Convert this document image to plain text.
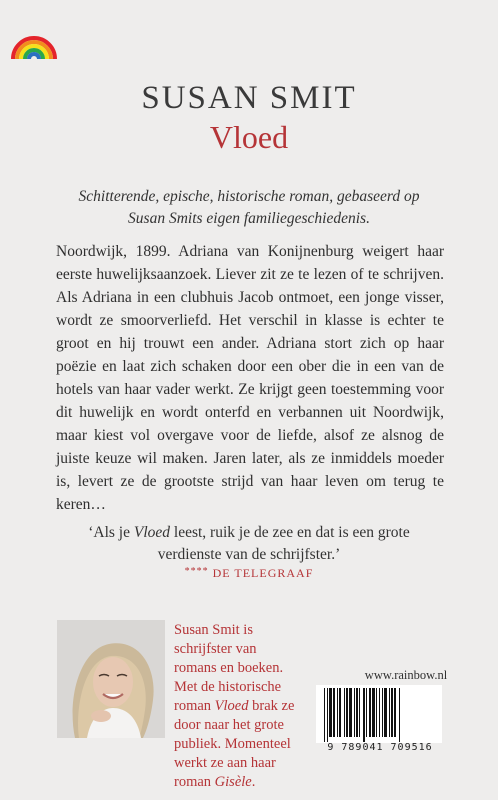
SUSAN SMIT
Vloed
Schitterende, epische, historische roman, gebaseerd op Susan Smits eigen familiegeschiedenis.
Noordwijk, 1899. Adriana van Konijnenburg weigert haar eerste huwelijksaanzoek. Liever zit ze te lezen of te schrijven. Als Adriana in een clubhuis Jacob ontmoet, een jonge visser, wordt ze smoorverliefd. Het verschil in klasse is echter te groot en hij trouwt een ander. Adriana stort zich op haar poëzie en laat zich schaken door een ober die in een van de hotels van haar vader werkt. Ze krijgt geen toestemming voor dit huwelijk en wordt onterfd en verbannen uit Noordwijk, maar kiest vol overgave voor de liefde, alsof ze alsnog de juiste keuze wil maken. Jaren later, als ze inmiddels moeder is, levert ze de grootste strijd van haar leven om terug te keren…
‘Als je Vloed leest, ruik je de zee en dat is een grote verdienste van de schrijfster.’
**** DE TELEGRAAF
Susan Smit is schrijfster van romans en boeken. Met de historische roman Vloed brak ze door naar het grote publiek. Momenteel werkt ze aan haar roman Gisèle.
www.rainbow.nl
9 789041 709516
